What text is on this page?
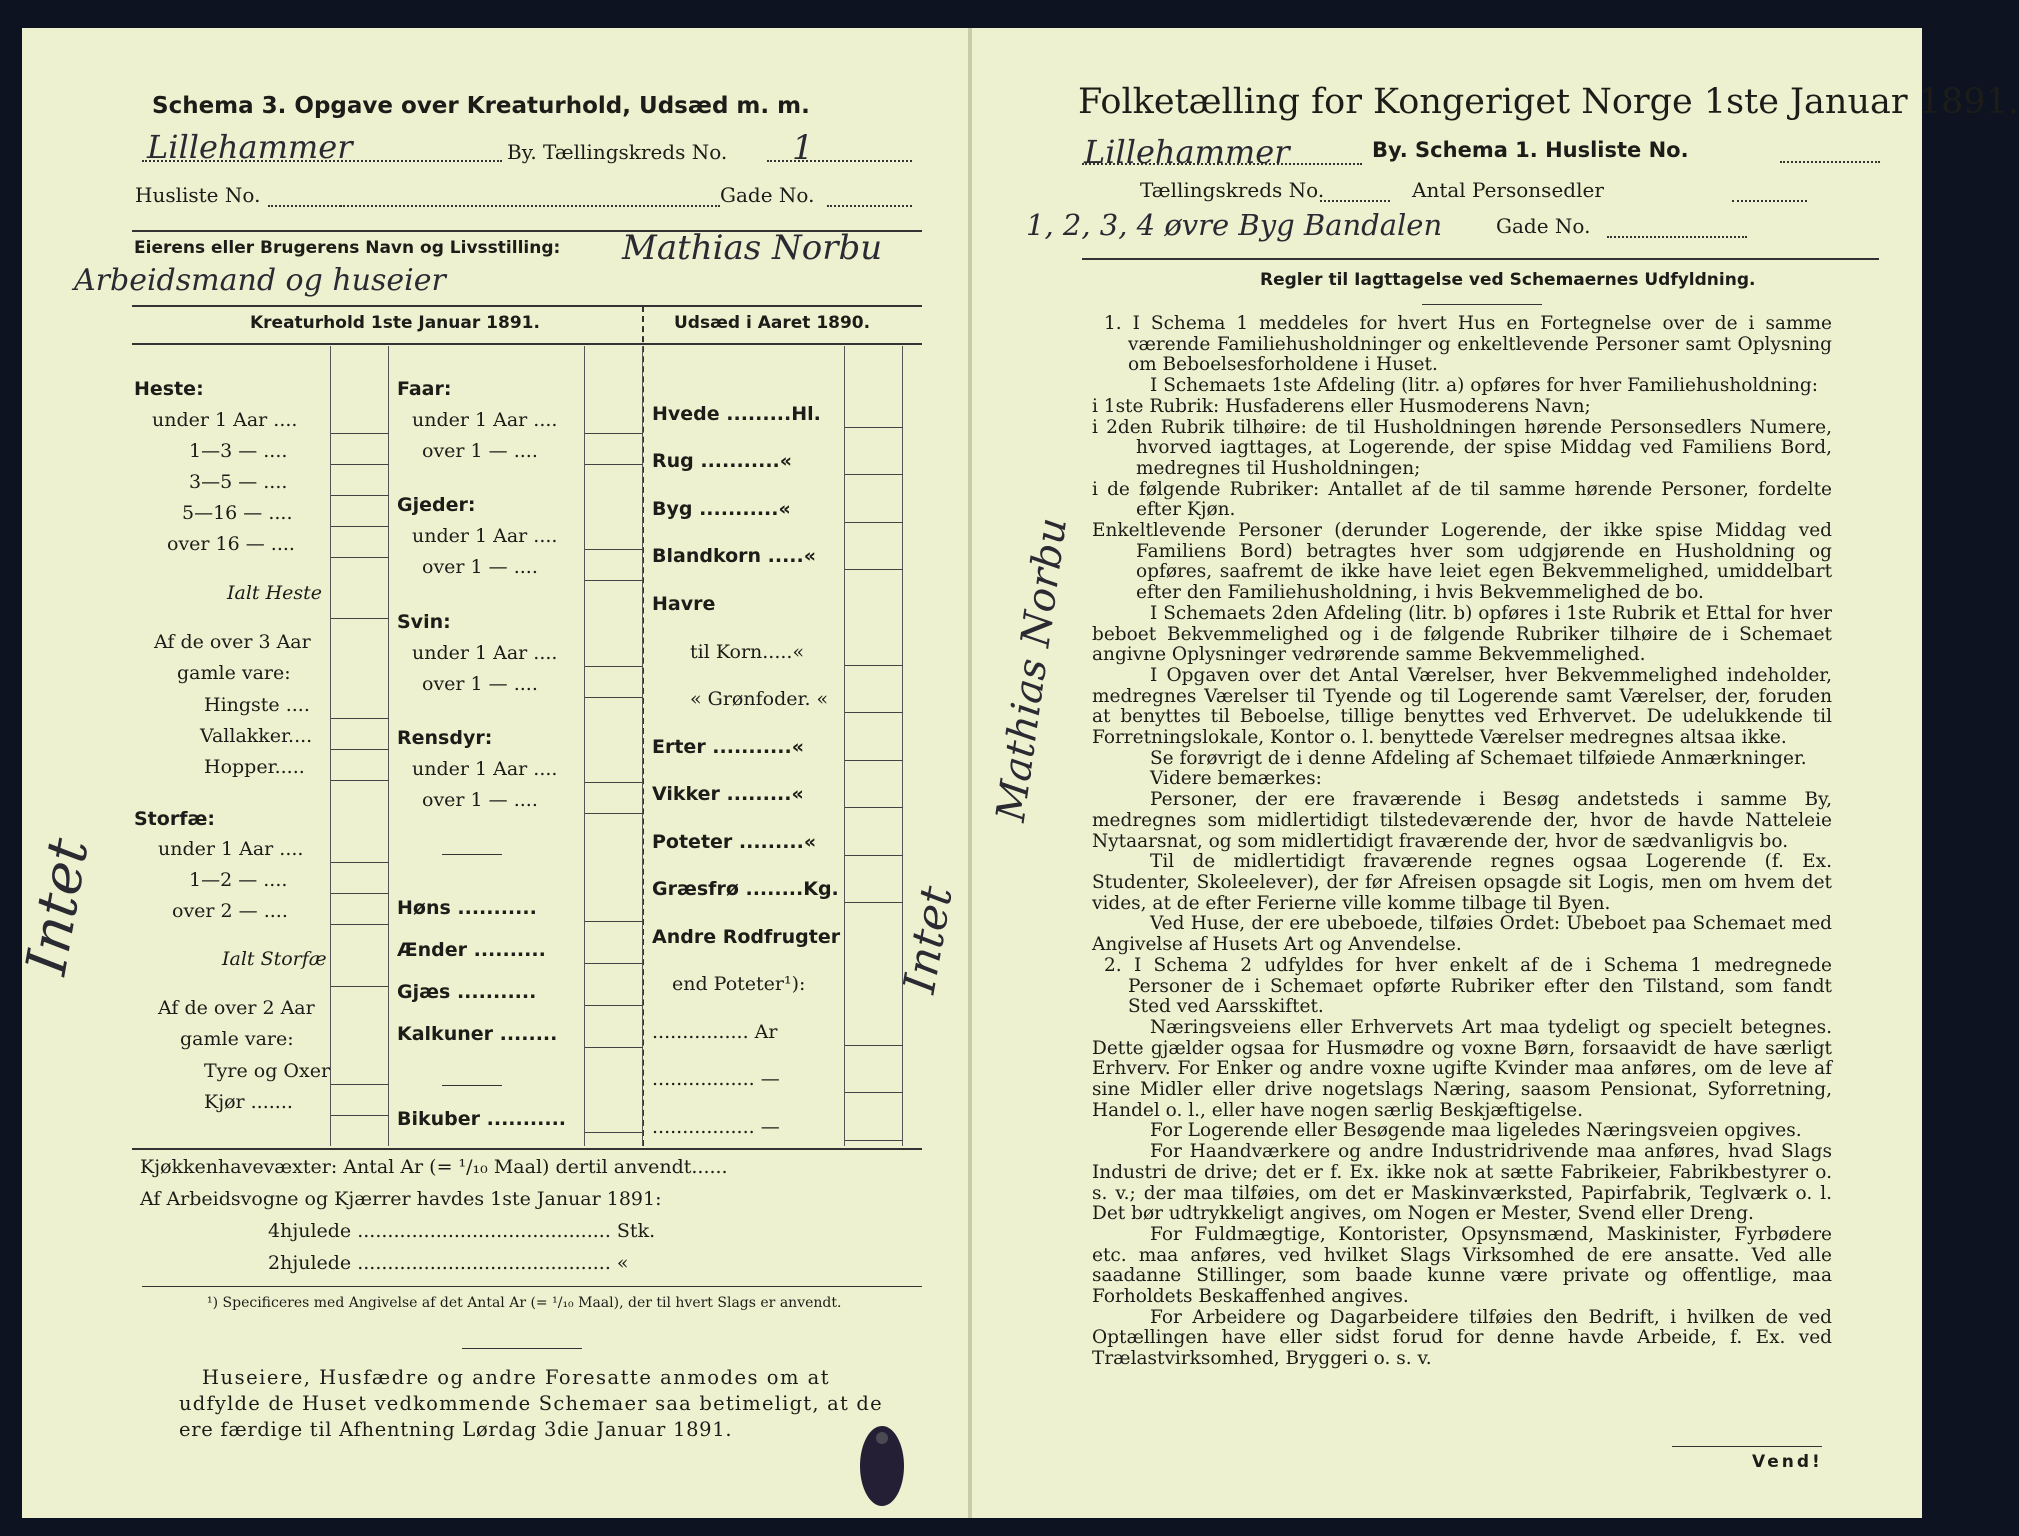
Schema 3. Opgave over Kreaturhold, Udsæd m. m.
Lillehammer	By. Tællingskreds No. 1
Husliste No.	Gade No.
Eierens eller Brugerens Navn og Livsstilling: Mathias Norbu
Arbeidsmand og huseier
Kreaturhold 1ste Januar 1891.	Udsæd i Aaret 1890.
Heste:
under 1 Aar ....
1—3 — ....
3—5 — ....
5—16 — ....
over 16 — ....
Ialt Heste
Af de over 3 Aar
gamle vare:
Hingste ....
Vallakker....
Hopper.....
Storfæ:
under 1 Aar ....
1—2 — ....
over 2 — ....
Ialt Storfæ
Af de over 2 Aar
gamle vare:
Tyre og Oxer
Kjør .......
Faar:
under 1 Aar ....
over 1 — ....
Gjeder:
under 1 Aar ....
over 1 — ....
Svin:
under 1 Aar ....
over 1 — ....
Rensdyr:
under 1 Aar ....
over 1 — ....
Høns ...........
Ænder ..........
Gjæs ...........
Kalkuner ........
Bikuber ...........
Hvede .........Hl.
Rug ...........«
Byg ...........«
Blandkorn .....«
Havre
til Korn.....«
« Grønfoder. «
Erter ...........«
Vikker .........«
Poteter .........«
Græsfrø ........Kg.
Andre Rodfrugter
end Poteter¹):
................ Ar
................. —
................. —
Kjøkkenhavevæxter: Antal Ar (= ¹/₁₀ Maal) dertil anvendt......
Af Arbeidsvogne og Kjærrer havdes 1ste Januar 1891:
4hjulede .......................................... Stk.
2hjulede .......................................... «
¹) Specificeres med Angivelse af det Antal Ar (= ¹/₁₀ Maal), der til hvert Slags er anvendt.
Huseiere, Husfædre og andre Foresatte anmodes om at
udfylde de Huset vedkommende Schemaer saa betimeligt, at de
ere færdige til Afhentning Lørdag 3die Januar 1891.
Intet	Intet
Folketælling for Kongeriget Norge 1ste Januar 1891.
Lillehammer	By. Schema 1. Husliste No.
Tællingskreds No.	Antal Personsedler
1, 2, 3, 4 øvre Byg Bandalen	Gade No.
Regler til Iagttagelse ved Schemaernes Udfyldning.

1. I Schema 1 meddeles for hvert Hus en Fortegnelse over de i samme værende Familiehusholdninger og enkeltlevende Personer samt Oplysning om Beboelsesforholdene i Huset.

I Schemaets 1ste Afdeling (litr. a) opføres for hver Familiehusholdning:

i 1ste Rubrik: Husfaderens eller Husmoderens Navn;

i 2den Rubrik tilhøire: de til Husholdningen hørende Personsedlers Numere, hvorved iagttages, at Logerende, der spise Middag ved Familiens Bord, medregnes til Husholdningen;

i de følgende Rubriker: Antallet af de til samme hørende Personer, fordelte efter Kjøn.

Enkeltlevende Personer (derunder Logerende, der ikke spise Middag ved Familiens Bord) betragtes hver som udgjørende en Husholdning og opføres, saafremt de ikke have leiet egen Bekvemmelighed, umiddelbart efter den Familiehusholdning, i hvis Bekvemmelighed de bo.

I Schemaets 2den Afdeling (litr. b) opføres i 1ste Rubrik et Ettal for hver beboet Bekvemmelighed og i de følgende Rubriker tilhøire de i Schemaet angivne Oplysninger vedrørende samme Bekvemmelighed.

I Opgaven over det Antal Værelser, hver Bekvemmelighed indeholder, medregnes Værelser til Tyende og til Logerende samt Værelser, der, foruden at benyttes til Beboelse, tillige benyttes ved Erhvervet. De udelukkende til Forretningslokale, Kontor o. l. benyttede Værelser medregnes altsaa ikke.

Se forøvrigt de i denne Afdeling af Schemaet tilføiede Anmærkninger.

Videre bemærkes:

Personer, der ere fraværende i Besøg andetsteds i samme By, medregnes som midlertidigt tilstedeværende der, hvor de havde Natteleie Nytaarsnat, og som midlertidigt fraværende der, hvor de sædvanligvis bo.

Til de midlertidigt fraværende regnes ogsaa Logerende (f. Ex. Studenter, Skoleelever), der før Afreisen opsagde sit Logis, men om hvem det vides, at de efter Ferierne ville komme tilbage til Byen.

Ved Huse, der ere ubeboede, tilføies Ordet: Ubeboet paa Schemaet med Angivelse af Husets Art og Anvendelse.

2. I Schema 2 udfyldes for hver enkelt af de i Schema 1 medregnede Personer de i Schemaet opførte Rubriker efter den Tilstand, som fandt Sted ved Aarsskiftet.

Næringsveiens eller Erhvervets Art maa tydeligt og specielt betegnes. Dette gjælder ogsaa for Husmødre og voxne Børn, forsaavidt de have særligt Erhverv. For Enker og andre voxne ugifte Kvinder maa anføres, om de leve af sine Midler eller drive nogetslags Næring, saasom Pensionat, Syforretning, Handel o. l., eller have nogen særlig Beskjæftigelse.

For Logerende eller Besøgende maa ligeledes Næringsveien opgives.

For Haandværkere og andre Industridrivende maa anføres, hvad Slags Industri de drive; det er f. Ex. ikke nok at sætte Fabrikeier, Fabrikbestyrer o. s. v.; der maa tilføies, om det er Maskinværksted, Papirfabrik, Teglværk o. l. Det bør udtrykkeligt angives, om Nogen er Mester, Svend eller Dreng.

For Fuldmægtige, Kontorister, Opsynsmænd, Maskinister, Fyrbødere etc. maa anføres, ved hvilket Slags Virksomhed de ere ansatte. Ved alle saadanne Stillinger, som baade kunne være private og offentlige, maa Forholdets Beskaffenhed angives.

For Arbeidere og Dagarbeidere tilføies den Bedrift, i hvilken de ved Optællingen have eller sidst forud for denne havde Arbeide, f. Ex. ved Trælastvirksomhed, Bryggeri o. s. v.

Vend!
Mathias Norbu
